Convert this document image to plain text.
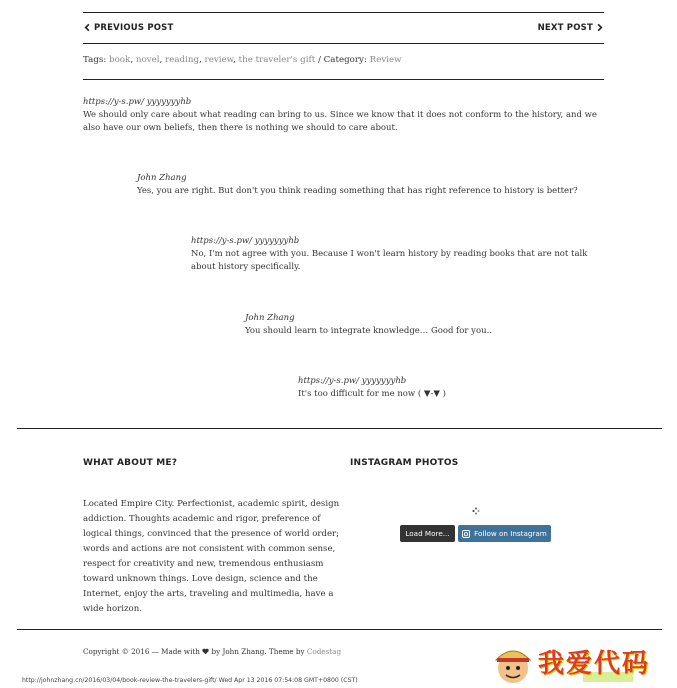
PREVIOUS POST	NEXT POST
Tags: book, novel, reading, review, the traveler's gift / Category: Review
https://y-s.pw/ yyyyyyyhb
We should only care about what reading can bring to us. Since we know that it does not conform to the history, and we also have our own beliefs, then there is nothing we should to care about.
John Zhang
Yes, you are right. But don't you think reading something that has right reference to history is better?
https://y-s.pw/ yyyyyyyhb
No, I'm not agree with you. Because I won't learn history by reading books that are not talk about history specifically.
John Zhang
You should learn to integrate knowledge… Good for you..
https://y-s.pw/ yyyyyyyhb
It's too difficult for me now ( ▼-▼ )
WHAT ABOUT ME?
Located Empire City. Perfectionist, academic spirit, design addiction. Thoughts academic and rigor, preference of logical things, convinced that the presence of world order; words and actions are not consistent with common sense, respect for creativity and new, tremendous enthusiasm toward unknown things. Love design, science and the Internet, enjoy the arts, traveling and multimedia, have a wide horizon.
INSTAGRAM PHOTOS
Load More...	Follow on Instagram
Copyright © 2016 — Made with by John Zhang. Theme by Codestag
http://johnzhang.cn/2016/03/04/book-review-the-travelers-gift/ Wed Apr 13 2016 07:54:08 GMT+0800 (CST)
我爱代码
